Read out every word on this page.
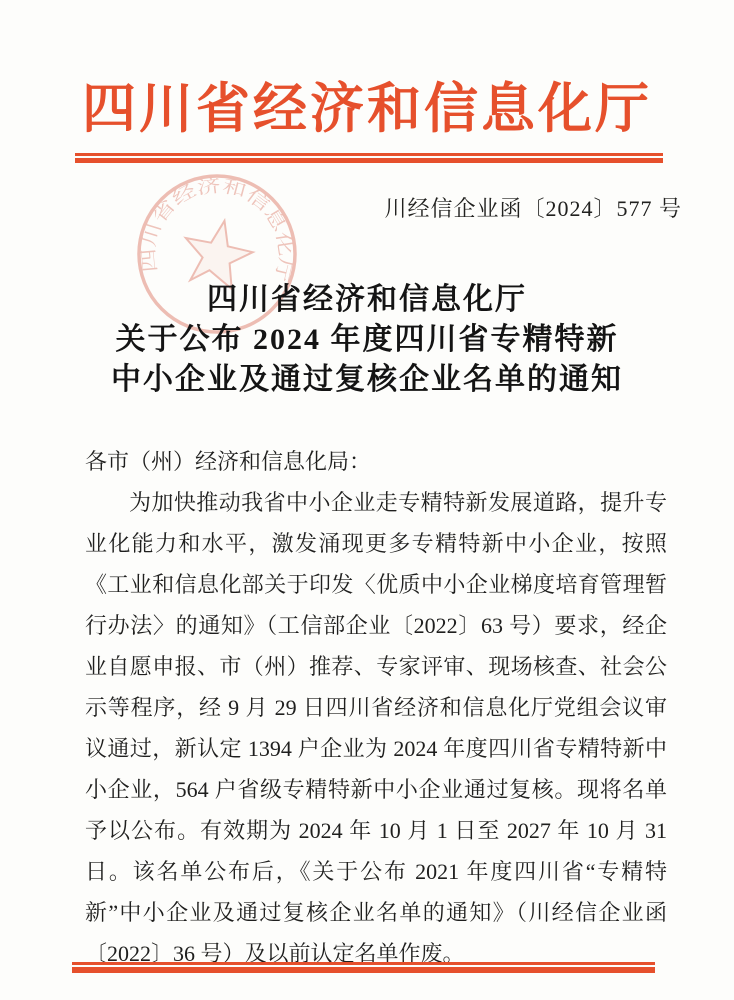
四川省经济和信息化厅

川经信企业函〔2024〕577 号

四川省经济和信息化厅
四川省经济和信息化厅
关于公布 2024 年度四川省专精特新
中小企业及通过复核企业名单的通知

各市（州）经济和信息化局：

为加快推动我省中小企业走专精特新发展道路，提升专业化能力和水平，激发涌现更多专精特新中小企业，按照《工业和信息化部关于印发〈优质中小企业梯度培育管理暂行办法〉的通知》（工信部企业〔2022〕63 号）要求，经企业自愿申报、市（州）推荐、专家评审、现场核查、社会公示等程序，经 9 月 29 日四川省经济和信息化厅党组会议审议通过，新认定 1394 户企业为 2024 年度四川省专精特新中小企业，564 户省级专精特新中小企业通过复核。现将名单予以公布。有效期为 2024 年 10 月 1 日至 2027 年 10 月 31 日。该名单公布后，《关于公布 2021 年度四川省“专精特新”中小企业及通过复核企业名单的通知》（川经信企业函〔2022〕36 号）及以前认定名单作废。
